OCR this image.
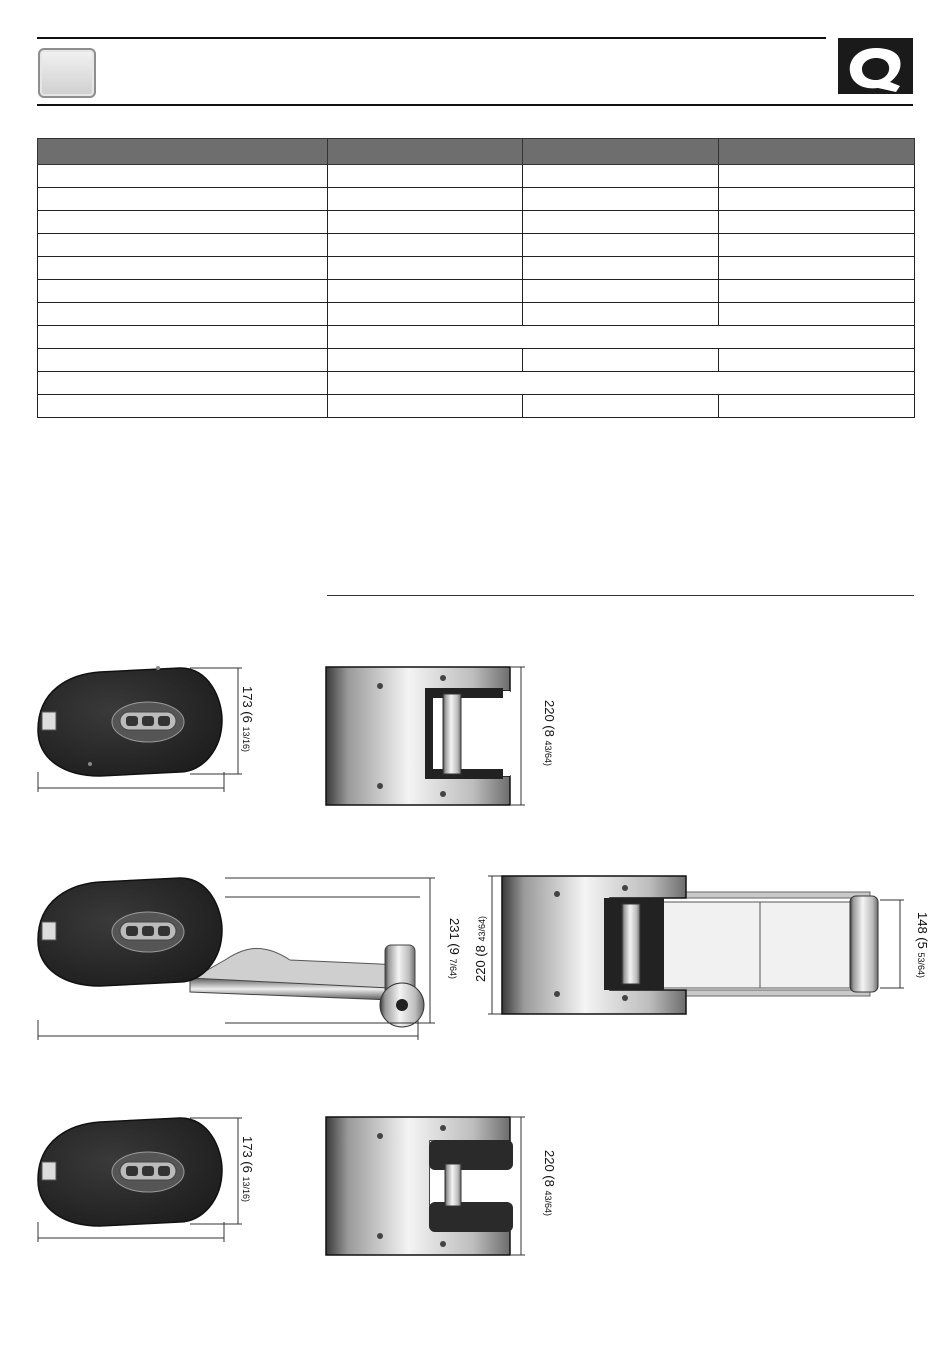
173 (6 13/16)	220 (8 43/64)
231 (9 7/64)	220 (8 43/64)	148 (5 53/64)
173 (6 13/16)	220 (8 43/64)
